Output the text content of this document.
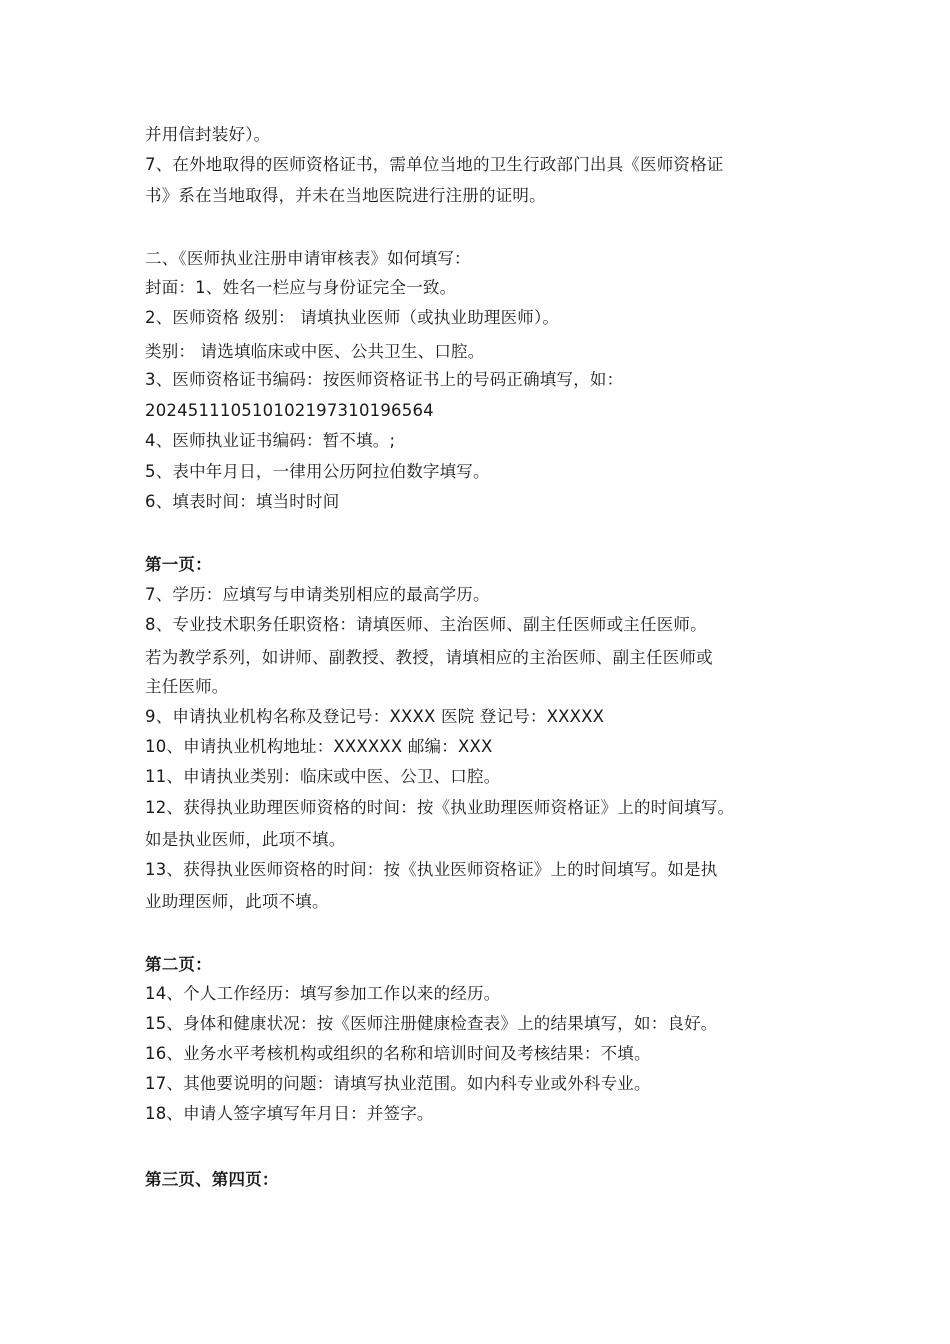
并用信封装好）。
7、在外地取得的医师资格证书，需单位当地的卫生行政部门出具《医师资格证
书》系在当地取得，并未在当地医院进行注册的证明。
二、《医师执业注册申请审核表》如何填写：
封面：1、姓名一栏应与身份证完全一致。
2、医师资格 级别： 请填执业医师（或执业助理医师）。
类别： 请选填临床或中医、公共卫生、口腔。
3、医师资格证书编码：按医师资格证书上的号码正确填写，如：
20245111051010219731019656​4
4、医师执业证书编码：暂不填。;
5、表中年月日，一律用公历阿拉伯数字填写。
6、填表时间：填当时时间
第一页：
7、学历：应填写与申请类别相应的最高学历。
8、专业技术职务任职资格：请填医师、主治医师、副主任医师或主任医师。
若为教学系列，如讲师、副教授、教授，请填相应的主治医师、副主任医师或
主任医师。
9、申请执业机构名称及登记号：XXXX 医院 登记号：XXXXX
10、申请执业机构地址：XXXXXX 邮编：XXX
11、申请执业类别：临床或中医、公卫、口腔。
12、获得执业助理医师资格的时间：按《执业助理医师资格证》上的时间填写。
如是执业医师，此项不填。
13、获得执业医师资格的时间：按《执业医师资格证》上的时间填写。如是执
业助理医师，此项不填。
第二页：
14、个人工作经历：填写参加工作以来的经历。
15、身体和健康状况：按《医师注册健康检查表》上的结果填写，如：良好。
16、业务水平考核机构或组织的名称和培训时间及考核结果：不填。
17、其他要说明的问题：请填写执业范围。如内科专业或外科专业。
18、申请人签字填写年月日：并签字。
第三页、第四页：
